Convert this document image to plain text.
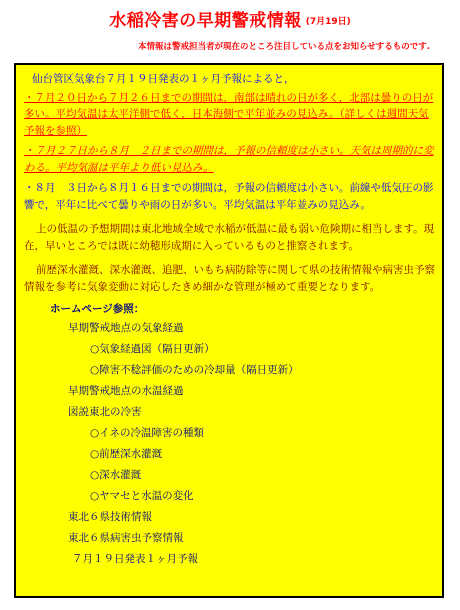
水稲冷害の早期警戒情報 (7月19日)
本情報は警戒担当者が現在のところ注目している点をお知らせするものです.

仙台管区気象台７月１９日発表の１ヶ月予報によると，

・７月２０日から７月２６日までの期間は，南部は晴れの日が多く，北部は曇りの日が多い。平均気温は太平洋側で低く，日本海側で平年並みの見込み。（詳しくは週間天気予報を参照）

・７月２７日から８月　２日までの期間は，予報の信頼度は小さい。天気は周期的に変わる。平均気温は平年より低い見込み。

・８月　３日から８月１６日までの期間は，予報の信頼度は小さい。前線や低気圧の影響で，平年に比べて曇りや雨の日が多い。平均気温は平年並みの見込み。

上の低温の予想期間は東北地域全域で水稲が低温に最も弱い危険期に相当します。現在，早いところでは既に幼穂形成期に入っているものと推察されます。

前歴深水灌漑、深水灌漑、追肥、いもち病防除等に関して県の技術情報や病害虫予察情報を参考に気象変動に対応したきめ細かな管理が極めて重要となります。

ホームページ参照：
早期警戒地点の気象経過
○気象経過図（隔日更新）
○障害不稔評価のための冷却量（隔日更新）
早期警戒地点の水温経過
図説東北の冷害
○イネの冷温障害の種類
○前歴深水灌漑
○深水灌漑
○ヤマセと水温の変化
東北６県技術情報
東北６県病害虫予察情報
７月１９日発表１ヶ月予報
